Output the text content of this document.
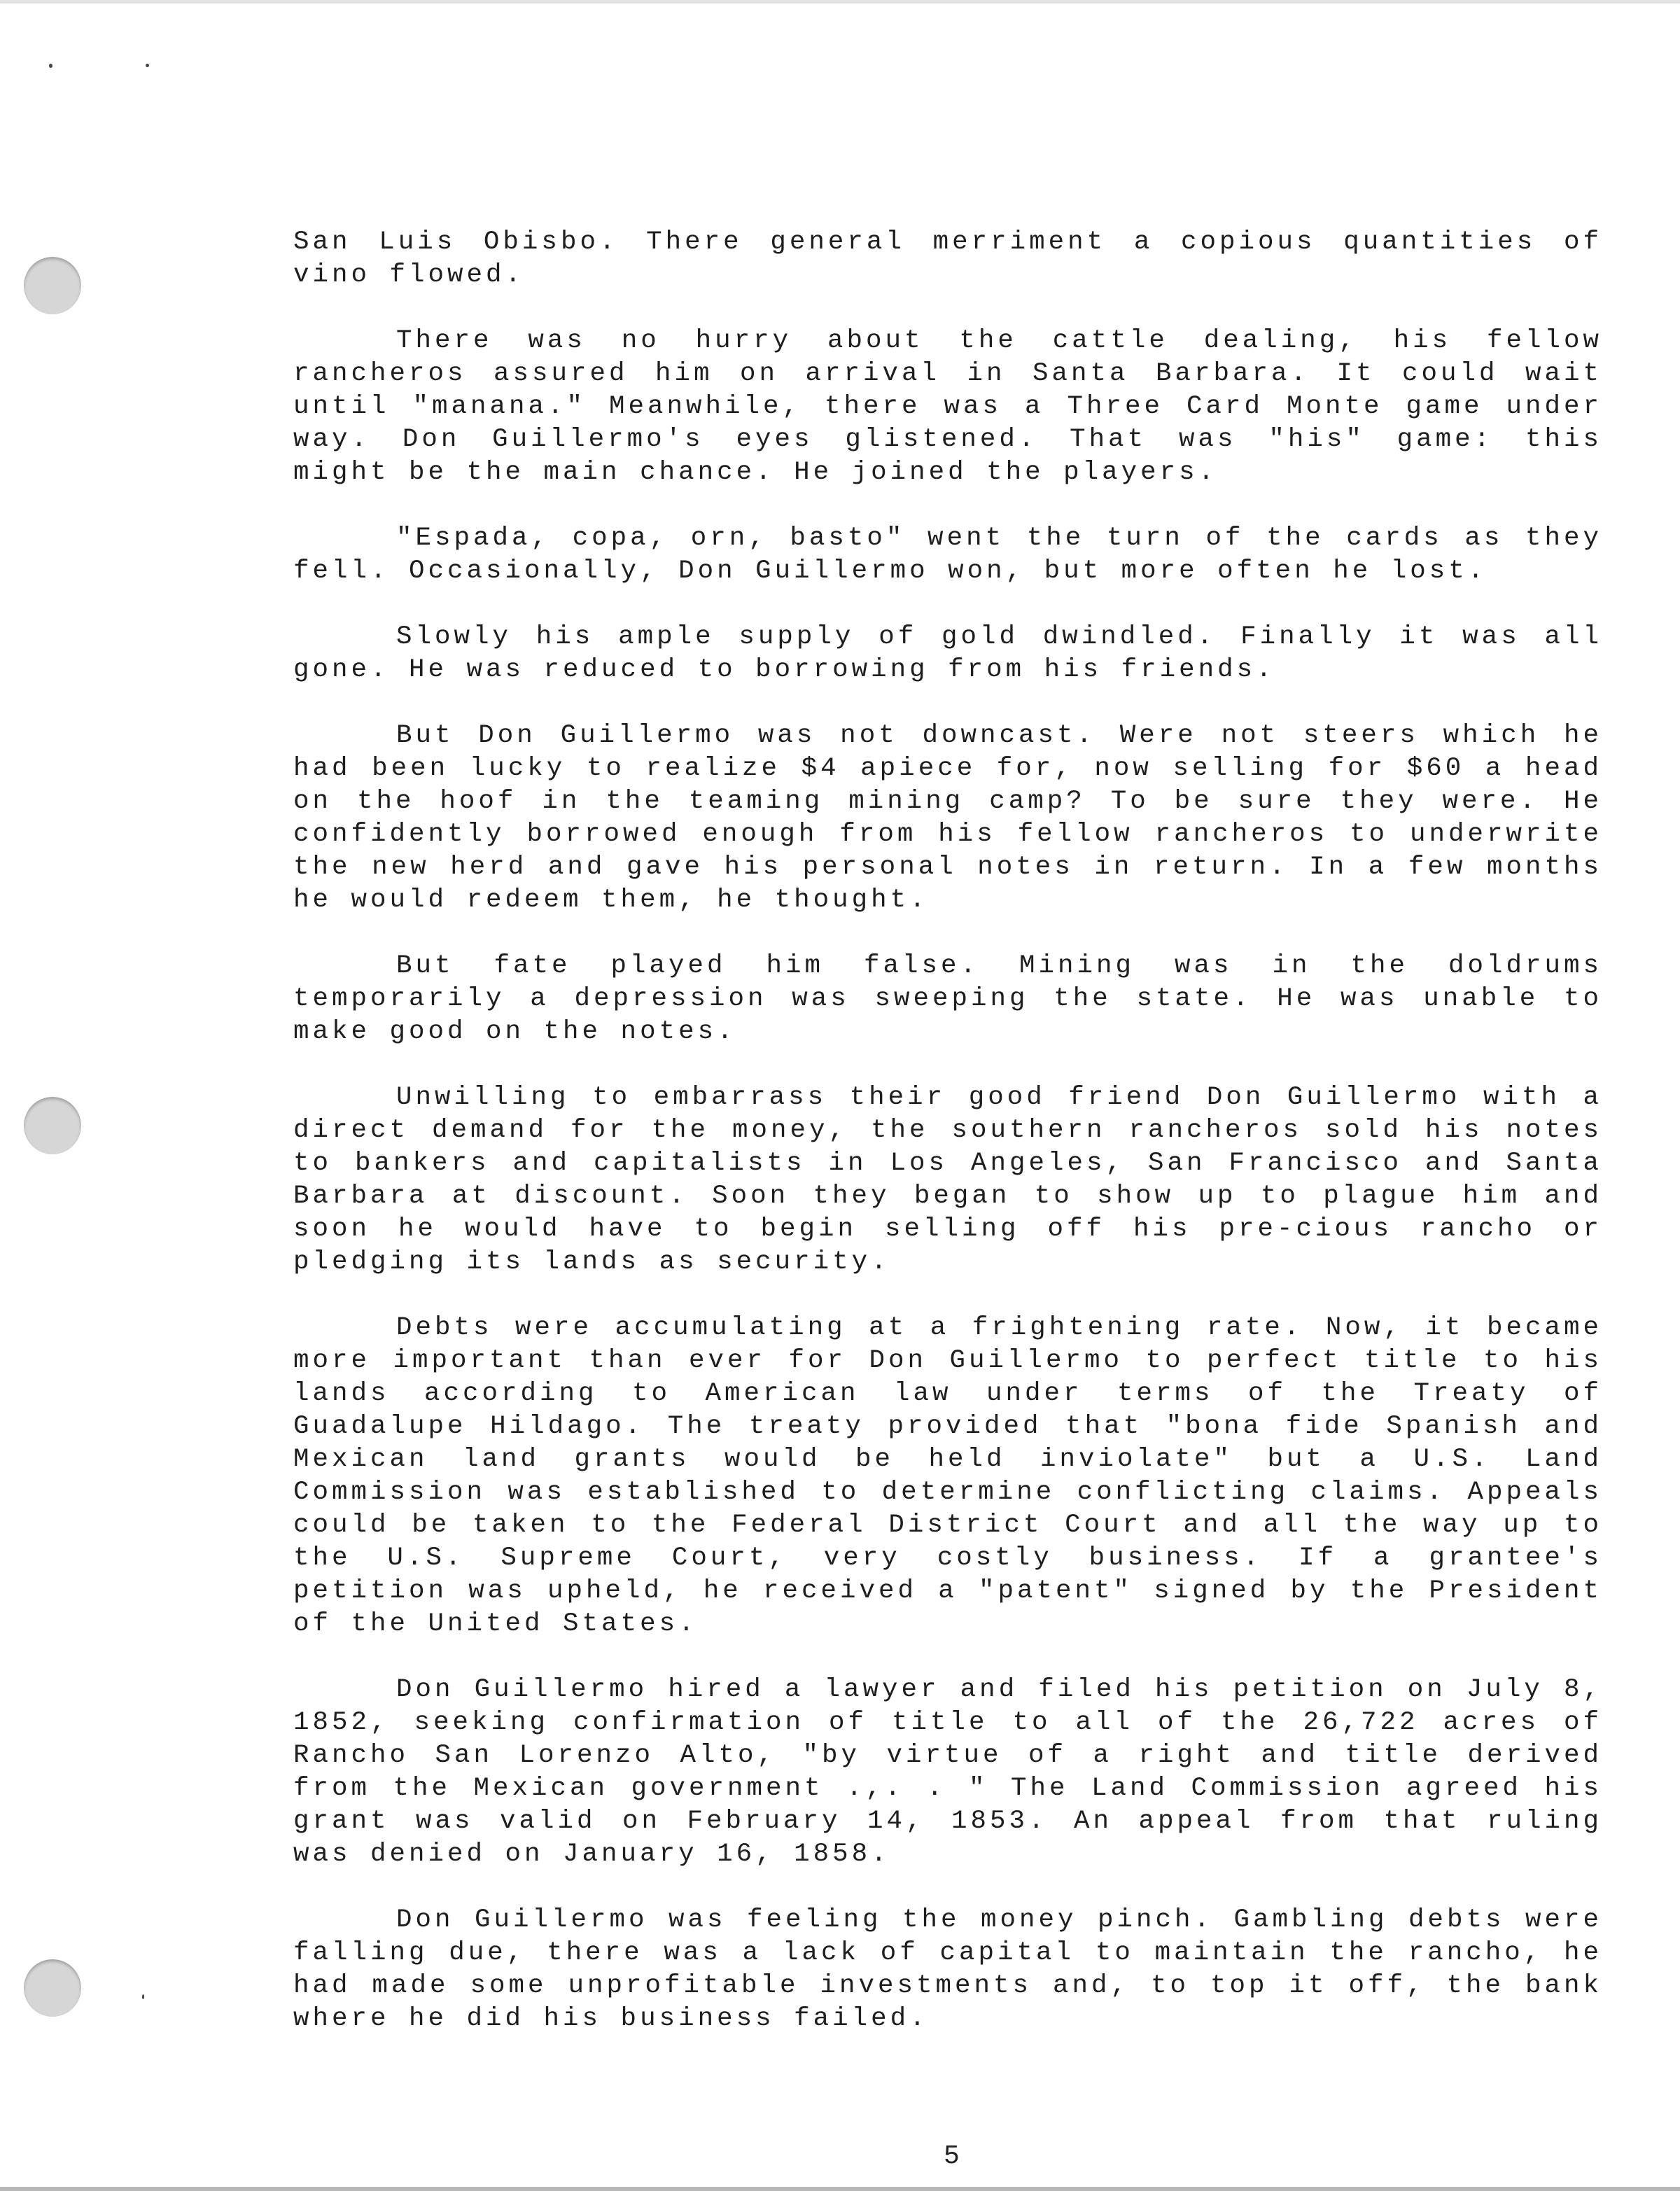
San Luis Obisbo. There general merriment a copious quantities of vino flowed.

There was no hurry about the cattle dealing, his fellow rancheros assured him on arrival in Santa Barbara. It could wait until "manana." Meanwhile, there was a Three Card Monte game under way. Don Guillermo's eyes glistened. That was "his" game: this might be the main chance. He joined the players.

"Espada, copa, orn, basto" went the turn of the cards as they fell. Occasionally, Don Guillermo won, but more often he lost.

Slowly his ample supply of gold dwindled. Finally it was all gone. He was reduced to borrowing from his friends.

But Don Guillermo was not downcast. Were not steers which he had been lucky to realize $4 apiece for, now selling for $60 a head on the hoof in the teaming mining camp? To be sure they were. He confidently borrowed enough from his fellow rancheros to underwrite the new herd and gave his personal notes in return. In a few months he would redeem them, he thought.

But fate played him false. Mining was in the doldrums temporarily a depression was sweeping the state. He was unable to make good on the notes.

Unwilling to embarrass their good friend Don Guillermo with a direct demand for the money, the southern rancheros sold his notes to bankers and capitalists in Los Angeles, San Francisco and Santa Barbara at discount. Soon they began to show up to plague him and soon he would have to begin selling off his pre-cious rancho or pledging its lands as security.

Debts were accumulating at a frightening rate. Now, it became more important than ever for Don Guillermo to perfect title to his lands according to American law under terms of the Treaty of Guadalupe Hildago. The treaty provided that "bona fide Spanish and Mexican land grants would be held inviolate" but a U.S. Land Commission was established to determine conflicting claims. Appeals could be taken to the Federal District Court and all the way up to the U.S. Supreme Court, very costly business. If a grantee's petition was upheld, he received a "patent" signed by the President of the United States.

Don Guillermo hired a lawyer and filed his petition on July 8, 1852, seeking confirmation of title to all of the 26,722 acres of Rancho San Lorenzo Alto, "by virtue of a right and title derived from the Mexican government .,. . " The Land Commission agreed his grant was valid on February 14, 1853. An appeal from that ruling was denied on January 16, 1858.

Don Guillermo was feeling the money pinch. Gambling debts were falling due, there was a lack of capital to maintain the rancho, he had made some unprofitable investments and, to top it off, the bank where he did his business failed.

5
